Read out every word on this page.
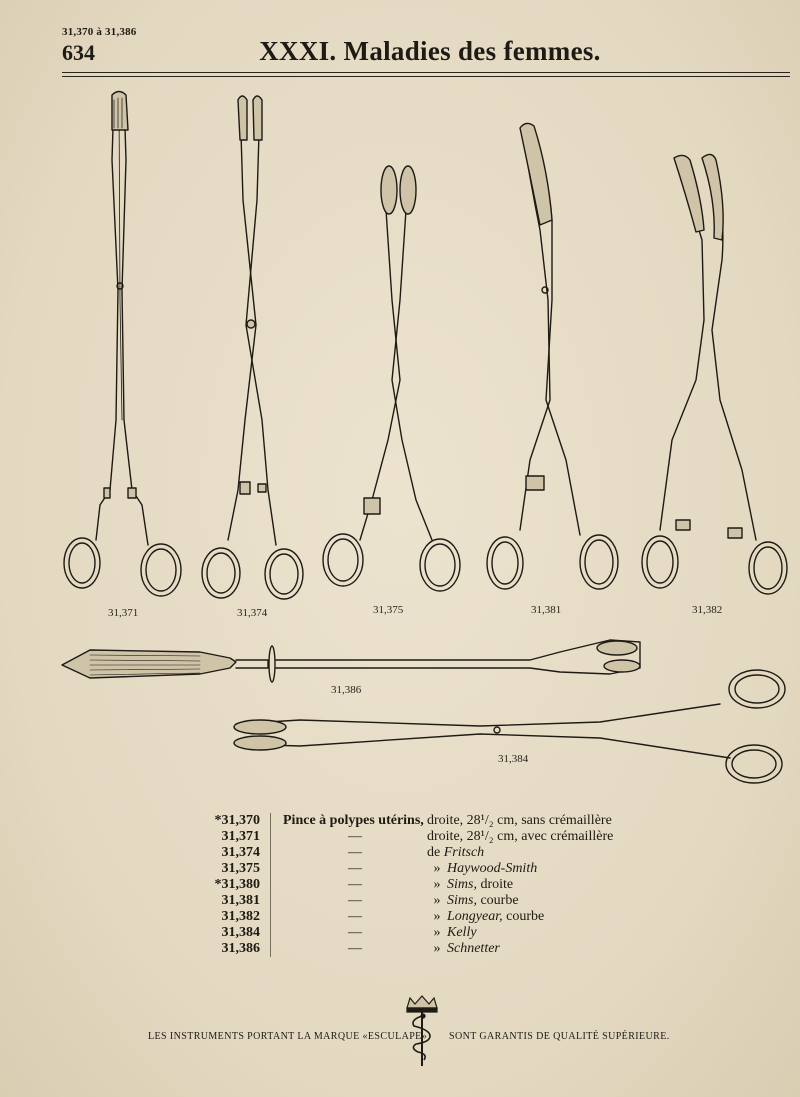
31,370 à 31,386
634	XXXI. Maladies des femmes.
31,371	31,374	31,375	31,381	31,382
31,386
31,384
*31,370	Pince à polypes utérins,	droite, 28¹/₂ cm, sans crémaillère
31,371	—	droite, 28¹/₂ cm, avec crémaillère
31,374	—	de Fritsch
31,375	—	» Haywood-Smith
*31,380	—	» Sims, droite
31,381	—	» Sims, courbe
31,382	—	» Longyear, courbe
31,384	—	» Kelly
31,386	—	» Schnetter
LES INSTRUMENTS PORTANT LA MARQUE «ESCULAPE» SONT GARANTIS DE QUALITÉ SUPÉRIEURE.
